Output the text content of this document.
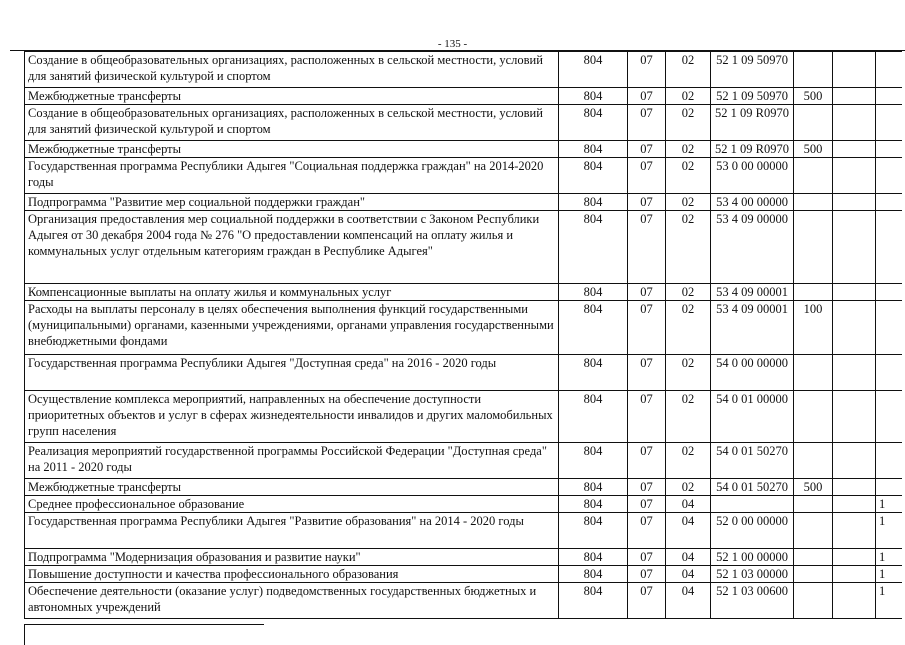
- 135 -
Создание в общеобразовательных организациях, расположенных в сельской местности, условий для занятий физической культурой и спортом	804	07	02	52 1 09 50970			
Межбюджетные трансферты	804	07	02	52 1 09 50970	500		
Создание в общеобразовательных организациях, расположенных в сельской местности, условий для занятий физической культурой и спортом	804	07	02	52 1 09 R0970			
Межбюджетные трансферты	804	07	02	52 1 09 R0970	500		
Государственная программа Республики Адыгея "Социальная поддержка граждан" на 2014-2020 годы	804	07	02	53 0 00 00000			
Подпрограмма "Развитие мер социальной поддержки граждан"	804	07	02	53 4 00 00000			
Организация предоставления мер социальной поддержки в соответствии с Законом Республики Адыгея от 30 декабря 2004 года № 276 "О предоставлении компенсаций на оплату жилья и коммунальных услуг отдельным категориям граждан в Республике Адыгея"	804	07	02	53 4 09 00000			
Компенсационные выплаты на оплату жилья и коммунальных услуг	804	07	02	53 4 09 00001			
Расходы на выплаты персоналу в целях обеспечения выполнения функций государственными (муниципальными) органами, казенными учреждениями, органами управления государственными внебюджетными фондами	804	07	02	53 4 09 00001	100		
Государственная программа Республики Адыгея "Доступная среда" на 2016 - 2020 годы	804	07	02	54 0 00 00000			
Осуществление комплекса мероприятий, направленных на обеспечение доступности приоритетных объектов и услуг в сферах жизнедеятельности инвалидов и других маломобильных групп населения	804	07	02	54 0 01 00000			
Реализация мероприятий государственной программы Российской Федерации "Доступная среда" на 2011 - 2020 годы	804	07	02	54 0 01 50270			
Межбюджетные трансферты	804	07	02	54 0 01 50270	500		
Среднее профессиональное образование	804	07	04				1
Государственная программа Республики Адыгея "Развитие образования" на 2014 - 2020 годы	804	07	04	52 0 00 00000			1
Подпрограмма "Модернизация образования и развитие науки"	804	07	04	52 1 00 00000			1
Повышение доступности и качества профессионального образования	804	07	04	52 1 03 00000			1
Обеспечение деятельности (оказание услуг) подведомственных государственных бюджетных и автономных учреждений	804	07	04	52 1 03 00600			1
